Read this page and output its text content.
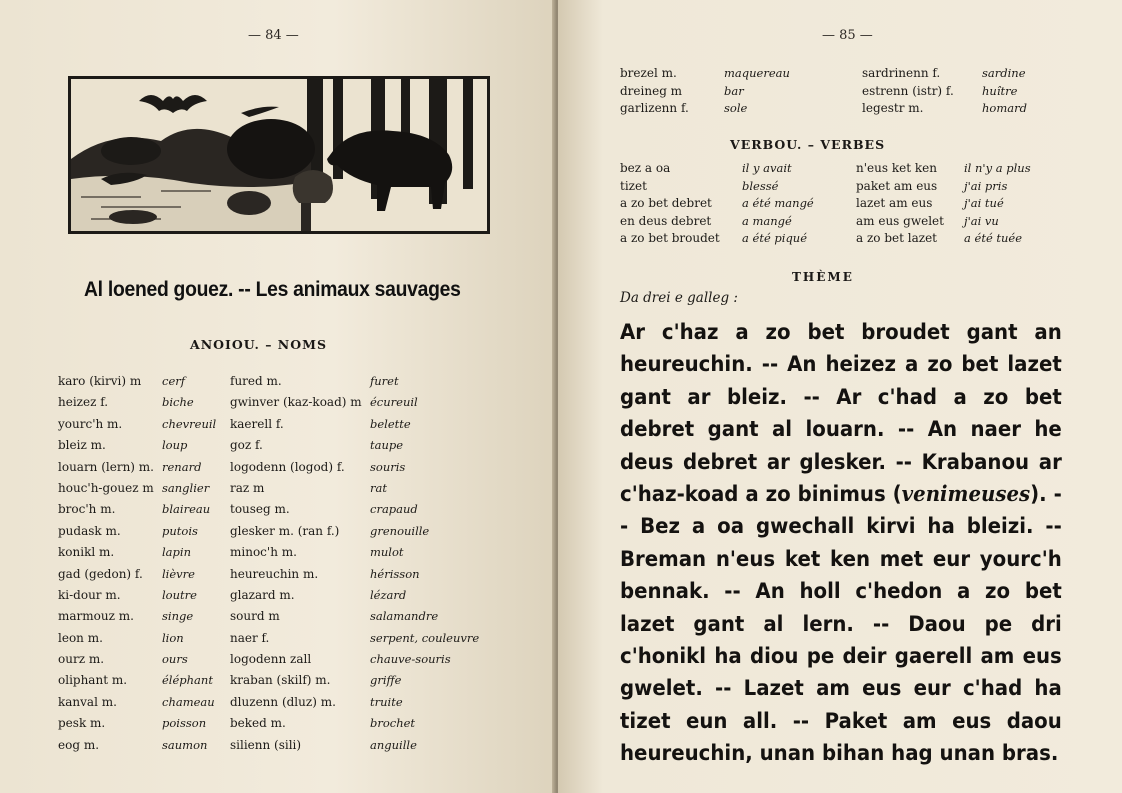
— 84 —
Al loened gouez. -- Les animaux sauvages
ANOIOU. – NOMS
karo (kirvi) m cerf	fured m.	furet
heizez f.	biche	gwinver (kaz-koad) m écureuil
yourc'h m.	chevreuil kaerell f.	belette
bleiz m.	loup	goz f.	taupe
louarn (lern) m. renard logodenn (logod) f. souris
houc'h-gouez m sanglier raz m	rat
broc'h m.	blaireau touseg m.	crapaud
pudask m.	putois	glesker m. (ran f.)	grenouille
konikl m.	lapin	minoc'h m.	mulot
gad (gedon) f. lièvre	heureuchin m.	hérisson
ki-dour m.	loutre	glazard m.	lézard
marmouz m. singe	sourd m	salamandre
leon m.	lion	naer f.	serpent, couleuvre
ourz m.	ours	logodenn zall	chauve-souris
oliphant m.	éléphant kraban (skilf) m.	griffe
kanval m.	chameau dluzenn (dluz) m.	truite
pesk m.	poisson beked m.	brochet
eog m.	saumon silienn (sili)	anguille
— 85 —
brezel m.	maquereau	sardrinenn f.	sardine
dreineg m	bar	estrenn (istr) f. huître
garlizenn f.	sole	legestr m.	homard
VERBOU. – VERBES
bez a oa	il y avait	n'eus ket ken il n'y a plus
tizet	blessé	paket am eus j'ai pris
a zo bet debret	a été mangé	lazet am eus	j'ai tué
en deus debret	a mangé	am eus gwelet j'ai vu
a zo bet broudet a été piqué	a zo bet lazet a été tuée
THÈME
Da drei e galleg :
Ar c'haz a zo bet broudet gant an heureuchin. -- An heizez a zo bet lazet gant ar bleiz. -- Ar c'had a zo bet debret gant al louarn. -- An naer he deus debret ar glesker. -- Krabanou ar c'haz-koad a zo binimus (venimeuses). -- Bez a oa gwechall kirvi ha bleizi. -- Breman n'eus ket ken met eur yourc'h bennak. -- An holl c'hedon a zo bet lazet gant al lern. -- Daou pe dri c'honikl ha diou pe deir gaerell am eus gwelet. -- Lazet am eus eur c'had ha tizet eun all. -- Paket am eus daou heureuchin, unan bihan hag unan bras.
